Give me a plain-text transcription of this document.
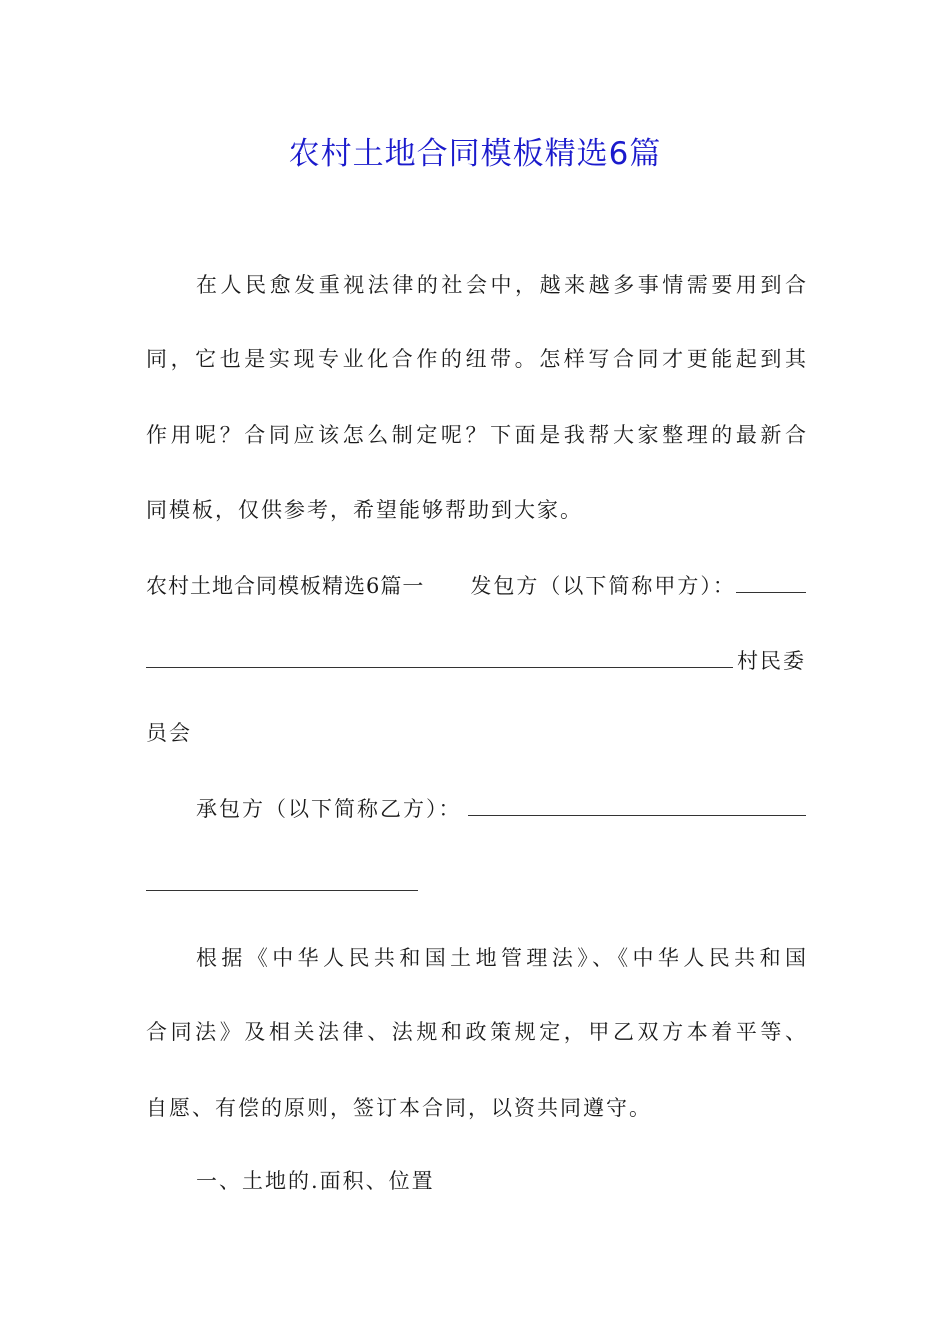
农村土地合同模板精选6篇
在人民愈发重视法律的社会中，越来越多事情需要用到合
同，它也是实现专业化合作的纽带。怎样写合同才更能起到其
作用呢？合同应该怎么制定呢？下面是我帮大家整理的最新合
同模板，仅供参考，希望能够帮助到大家。
农村土地合同模板精选6篇一 发包方（以下简称甲方）：
村民委
员会
承包方（以下简称乙方）：
根据《中华人民共和国土地管理法》、《中华人民共和国
合同法》及相关法律、法规和政策规定，甲乙双方本着平等、
自愿、有偿的原则，签订本合同，以资共同遵守。
一、土地的.面积、位置
